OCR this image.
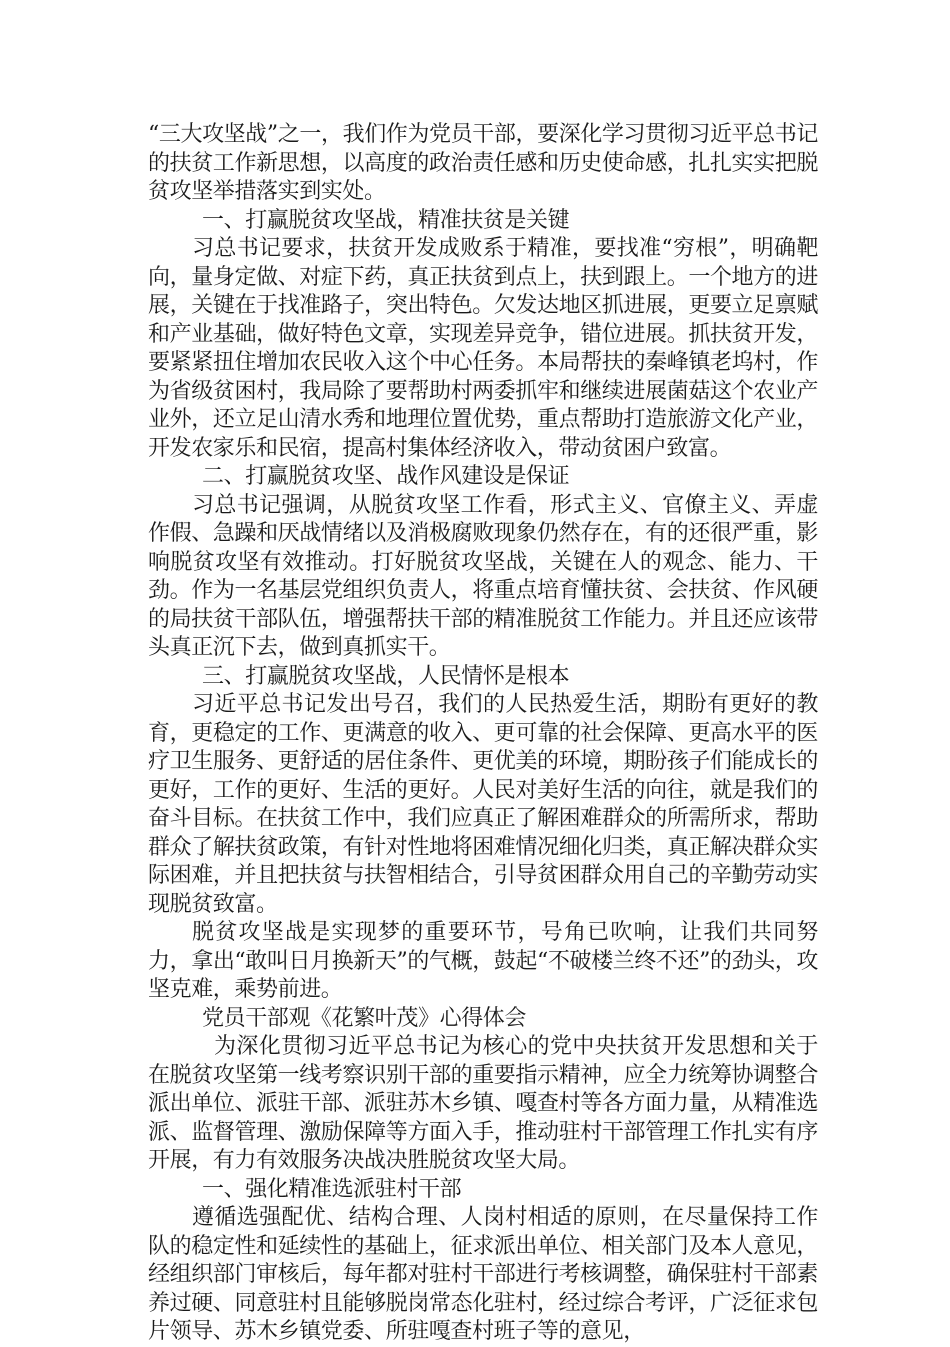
“三大攻坚战”之一，我们作为党员干部，要深化学习贯彻习近平总书记的扶贫工作新思想，以高度的政治责任感和历史使命感，扎扎实实把脱贫攻坚举措落实到实处。

一、打赢脱贫攻坚战，精准扶贫是关键

习总书记要求，扶贫开发成败系于精准，要找准“穷根”，明确靶向，量身定做、对症下药，真正扶贫到点上，扶到跟上。一个地方的进展，关键在于找准路子，突出特色。欠发达地区抓进展，更要立足禀赋和产业基础，做好特色文章，实现差异竞争，错位进展。抓扶贫开发，要紧紧扭住增加农民收入这个中心任务。本局帮扶的秦峰镇老坞村，作为省级贫困村，我局除了要帮助村两委抓牢和继续进展菌菇这个农业产业外，还立足山清水秀和地理位置优势，重点帮助打造旅游文化产业，开发农家乐和民宿，提高村集体经济收入，带动贫困户致富。

二、打赢脱贫攻坚、战作风建设是保证

习总书记强调，从脱贫攻坚工作看，形式主义、官僚主义、弄虚作假、急躁和厌战情绪以及消极腐败现象仍然存在，有的还很严重，影响脱贫攻坚有效推动。打好脱贫攻坚战，关键在人的观念、能力、干劲。作为一名基层党组织负责人，将重点培育懂扶贫、会扶贫、作风硬的局扶贫干部队伍，增强帮扶干部的精准脱贫工作能力。并且还应该带头真正沉下去，做到真抓实干。

三、打赢脱贫攻坚战，人民情怀是根本

习近平总书记发出号召，我们的人民热爱生活，期盼有更好的教育，更稳定的工作、更满意的收入、更可靠的社会保障、更高水平的医疗卫生服务、更舒适的居住条件、更优美的环境，期盼孩子们能成长的更好，工作的更好、生活的更好。人民对美好生活的向往，就是我们的奋斗目标。在扶贫工作中，我们应真正了解困难群众的所需所求，帮助群众了解扶贫政策，有针对性地将困难情况细化归类，真正解决群众实际困难，并且把扶贫与扶智相结合，引导贫困群众用自己的辛勤劳动实现脱贫致富。

脱贫攻坚战是实现梦的重要环节，号角已吹响，让我们共同努力，拿出“敢叫日月换新天”的气概，鼓起“不破楼兰终不还”的劲头，攻坚克难，乘势前进。

党员干部观《花繁叶茂》心得体会

为深化贯彻习近平总书记为核心的党中央扶贫开发思想和关于在脱贫攻坚第一线考察识别干部的重要指示精神，应全力统筹协调整合派出单位、派驻干部、派驻苏木乡镇、嘎查村等各方面力量，从精准选派、监督管理、激励保障等方面入手，推动驻村干部管理工作扎实有序开展，有力有效服务决战决胜脱贫攻坚大局。

一、强化精准选派驻村干部

遵循选强配优、结构合理、人岗村相适的原则，在尽量保持工作队的稳定性和延续性的基础上，征求派出单位、相关部门及本人意见，经组织部门审核后，每年都对驻村干部进行考核调整，确保驻村干部素养过硬、同意驻村且能够脱岗常态化驻村，经过综合考评，广泛征求包片领导、苏木乡镇党委、所驻嘎查村班子等的意见，
